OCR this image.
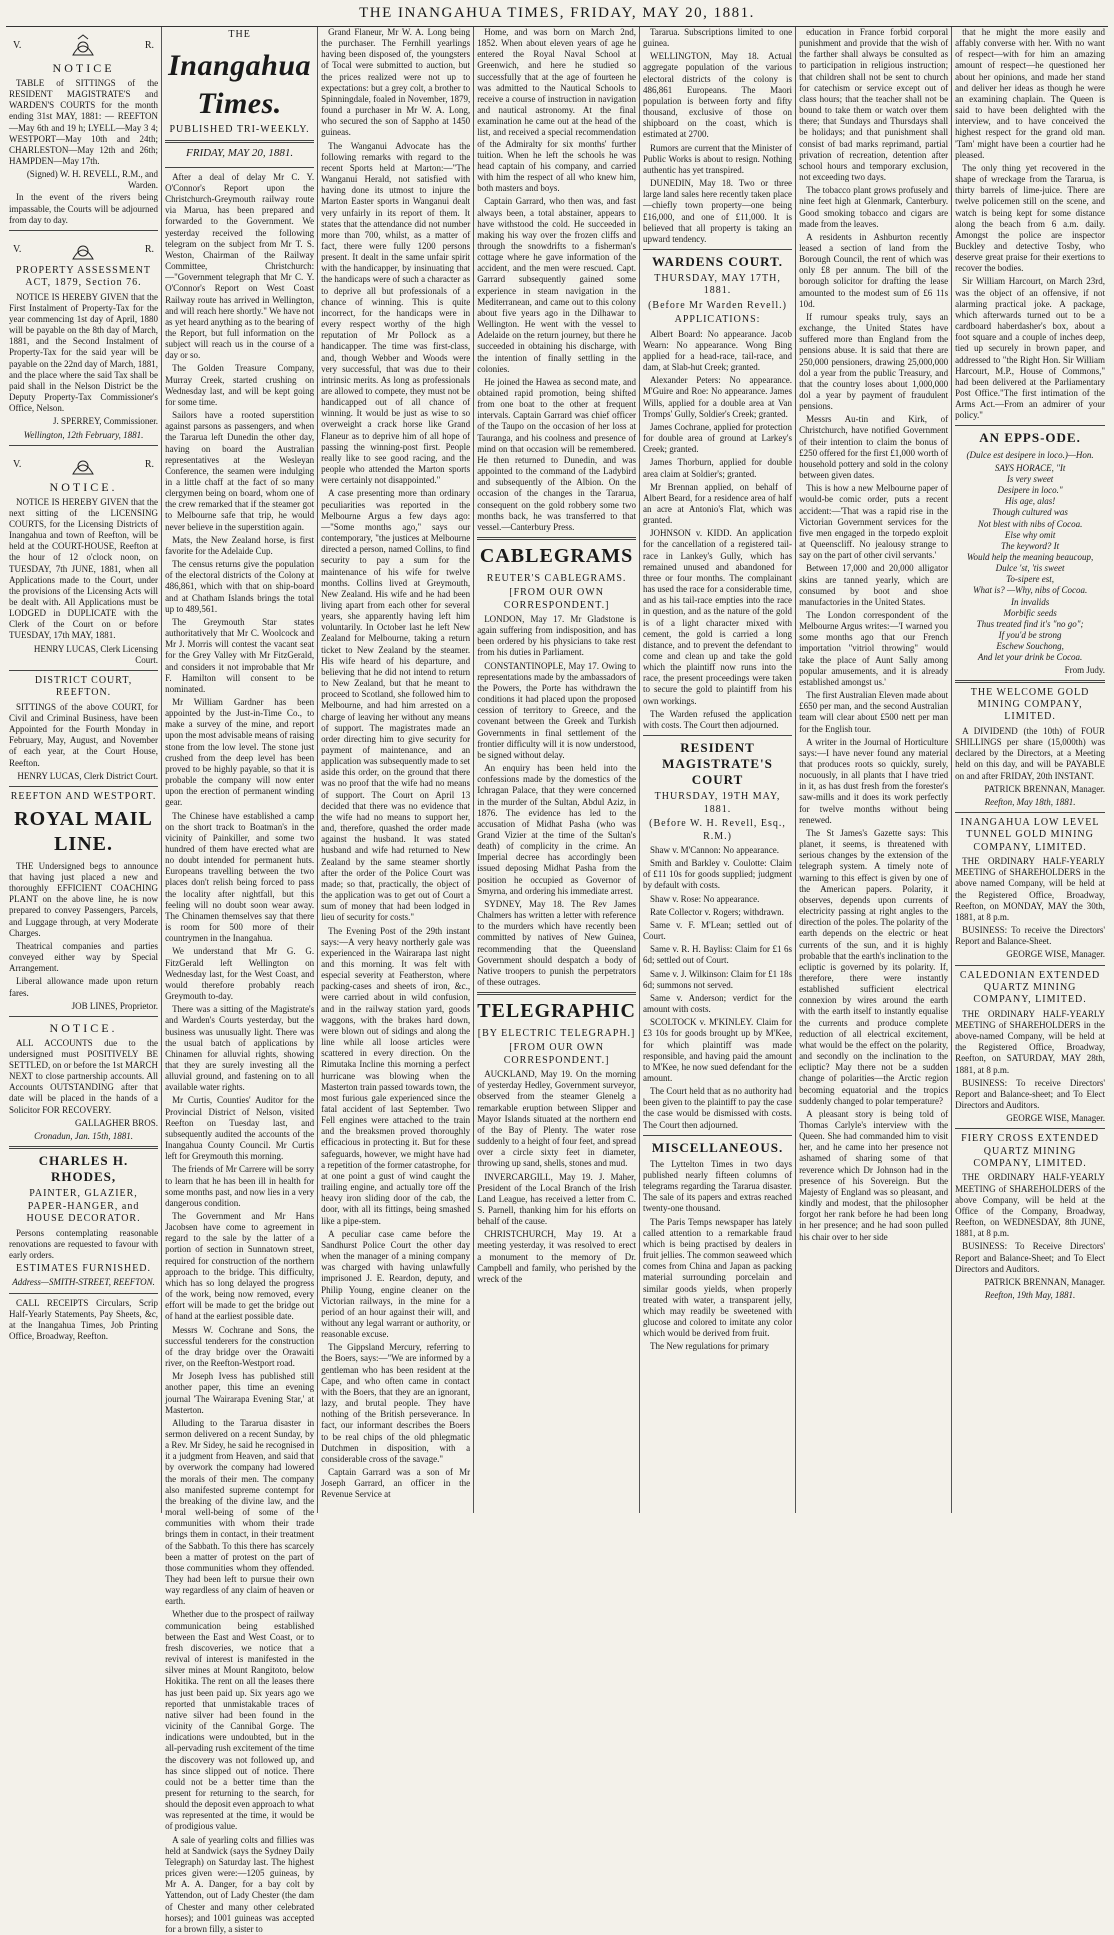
THE INANGAHUA TIMES, FRIDAY, MAY 20, 1881.
V.	R.
NOTICE

TABLE of SITTINGS of the RESIDENT MAGISTRATE'S and WARDEN'S COURTS for the month ending 31st MAY, 1881: — REEFTON—May 6th and 19 h; LYELL—May 3 4; WESTPORT—May 10th and 24th; CHARLESTON—May 12th and 26th; HAMPDEN—May 17th.

(Signed) W. H. REVELL, R.M., and Warden.

In the event of the rivers being impassable, the Courts will be adjourned from day to day.

V.	R.
PROPERTY ASSESSMENT ACT, 1879, Section 76.

NOTICE IS HEREBY GIVEN that the First Instalment of Property-Tax for the year commencing 1st day of April, 1880 will be payable on the 8th day of March, 1881, and the Second Instalment of Property-Tax for the said year will be payable on the 22nd day of March, 1881, and the place where the said Tax shall be paid shall in the Nelson District be the Deputy Property-Tax Commissioner's Office, Nelson.

J. SPERREY, Commissioner.
Wellington, 12th February, 1881.
V.	R.
NOTICE.

NOTICE IS HEREBY GIVEN that the next sitting of the LICENSING COURTS, for the Licensing Districts of Inangahua and town of Reefton, will be held at the COURT-HOUSE, Reefton at the hour of 12 o'clock noon, on TUESDAY, 7th JUNE, 1881, when all Applications made to the Court, under the provisions of the Licensing Acts will be dealt with. All Applications must be LODGED in DUPLICATE with the Clerk of the Court on or before TUESDAY, 17th MAY, 1881.

HENRY LUCAS, Clerk Licensing Court.
DISTRICT COURT, REEFTON.

SITTINGS of the above COURT, for Civil and Criminal Business, have been Appointed for the Fourth Monday in February, May, August, and November of each year, at the Court House, Reefton.

HENRY LUCAS, Clerk District Court.
REEFTON AND WESTPORT.
ROYAL MAIL LINE.

THE Undersigned begs to announce that having just placed a new and thoroughly EFFICIENT COACHING PLANT on the above line, he is now prepared to convey Passengers, Parcels, and Luggage through, at very Moderate Charges.

Theatrical companies and parties conveyed either way by Special Arrangement.

Liberal allowance made upon return fares.

JOB LINES, Proprietor.
NOTICE.

ALL ACCOUNTS due to the undersigned must POSITIVELY BE SETTLED, on or before the 1st MARCH NEXT to close partnership accounts. All Accounts OUTSTANDING after that date will be placed in the hands of a Solicitor FOR RECOVERY.

GALLAGHER BROS.
Cronadun, Jan. 15th, 1881.
CHARLES H. RHODES,
PAINTER, GLAZIER, PAPER-HANGER, and HOUSE DECORATOR.

Persons contemplating reasonable renovations are requested to favour with early orders.

ESTIMATES FURNISHED.
Address—SMITH-STREET, REEFTON.

CALL RECEIPTS Circulars, Scrip Half-Yearly Statements, Pay Sheets, &c, at the Inangahua Times, Job Printing Office, Broadway, Reefton.

THE
Inangahua Times.
PUBLISHED TRI-WEEKLY.
FRIDAY, MAY 20, 1881.

After a deal of delay Mr C. Y. O'Connor's Report upon the Christchurch-Greymouth railway route via Marua, has been prepared and forwarded to the Government. We yesterday received the following telegram on the subject from Mr T. S. Weston, Chairman of the Railway Committee, Christchurch:—"Government telegraph that Mr C. Y. O'Connor's Report on West Coast Railway route has arrived in Wellington, and will reach here shortly." We have not as yet heard anything as to the bearing of the Report, but full information on the subject will reach us in the course of a day or so.

The Golden Treasure Company, Murray Creek, started crushing on Wednesday last, and will be kept going for some time.

Sailors have a rooted superstition against parsons as passengers, and when the Tararua left Dunedin the other day, having on board the Australian representatives at the Wesleyan Conference, the seamen were indulging in a little chaff at the fact of so many clergymen being on board, whom one of the crew remarked that if the steamer got to Melbourne safe that trip, he would never believe in the superstition again.

Mats, the New Zealand horse, is first favorite for the Adelaide Cup.

The census returns give the population of the electoral districts of the Colony at 486,861, which with that on ship-board and at Chatham Islands brings the total up to 489,561.

The Greymouth Star states authoritatively that Mr C. Woolcock and Mr J. Morris will contest the vacant seat for the Grey Valley with Mr FitzGerald, and considers it not improbable that Mr F. Hamilton will consent to be nominated.

Mr William Gardner has been appointed by the Just-in-Time Co., to make a survey of the mine, and report upon the most advisable means of raising stone from the low level. The stone just crushed from the deep level has been proved to be highly payable, so that it is probable the company will now enter upon the erection of permanent winding gear.

The Chinese have established a camp on the short track to Boatman's in the vicinity of Painkiller, and some two hundred of them have erected what are no doubt intended for permanent huts. Europeans travelling between the two places don't relish being forced to pass the locality after nightfall, but this feeling will no doubt soon wear away. The Chinamen themselves say that there is room for 500 more of their countrymen in the Inangahua.

We understand that Mr G. G. FitzGerald left Wellington on Wednesday last, for the West Coast, and would therefore probably reach Greymouth to-day.

There was a sitting of the Magistrate's and Warden's Courts yesterday, but the business was unusually light. There was the usual batch of applications by Chinamen for alluvial rights, showing that they are surely investing all the alluvial ground, and fastening on to all available water rights.

Mr Curtis, Counties' Auditor for the Provincial District of Nelson, visited Reefton on Tuesday last, and subsequently audited the accounts of the Inangahua County Council. Mr Curtis left for Greymouth this morning.

The friends of Mr Carrere will be sorry to learn that he has been ill in health for some months past, and now lies in a very dangerous condition.

The Government and Mr Hans Jacobsen have come to agreement in regard to the sale by the latter of a portion of section in Sunnatown street, required for construction of the northern approach to the bridge. This difficulty, which has so long delayed the progress of the work, being now removed, every effort will be made to get the bridge out of hand at the earliest possible date.

Messrs W. Cochrane and Sons, the successful tenderers for the construction of the dray bridge over the Orawaiti river, on the Reefton-Westport road.

Mr Joseph Ivess has published still another paper, this time an evening journal 'The Wairarapa Evening Star,' at Masterton.

Alluding to the Tararua disaster in sermon delivered on a recent Sunday, by a Rev. Mr Sidey, he said he recognised in it a judgment from Heaven, and said that by overwork the company had lowered the morals of their men. The company also manifested supreme contempt for the breaking of the divine law, and the moral well-being of some of the communities with whom their trade brings them in contact, in their treatment of the Sabbath. To this there has scarcely been a matter of protest on the part of those communities whom they offended. They had been left to pursue their own way regardless of any claim of heaven or earth.

Whether due to the prospect of railway communication being established between the East and West Coast, or to fresh discoveries, we notice that a revival of interest is manifested in the silver mines at Mount Rangitoto, below Hokitika. The rent on all the leases there has just been paid up. Six years ago we reported that unmistakable traces of native silver had been found in the vicinity of the Cannibal Gorge. The indications were undoubted, but in the all-pervading rush excitement of the time the discovery was not followed up, and has since slipped out of notice. There could not be a better time than the present for returning to the search, for should the deposit even approach to what was represented at the time, it would be of prodigious value.

A sale of yearling colts and fillies was held at Sandwick (says the Sydney Daily Telegraph) on Saturday last. The highest prices given were:—1205 guineas, by Mr A. A. Danger, for a bay colt by Yattendon, out of Lady Chester (the dam of Chester and many other celebrated horses); and 1001 guineas was accepted for a brown filly, a sister to

Grand Flaneur, Mr W. A. Long being the purchaser. The Fernhill yearlings having been disposed of, the youngsters of Tocal were submitted to auction, but the prices realized were not up to expectations: but a grey colt, a brother to Spinningdale, foaled in November, 1879, found a purchaser in Mr W. A. Long, who secured the son of Sappho at 1450 guineas.

The Wanganui Advocate has the following remarks with regard to the recent Sports held at Marton:—"The Wanganui Herald, not satisfied with having done its utmost to injure the Marton Easter sports in Wanganui dealt very unfairly in its report of them. It states that the attendance did not number more than 700, whilst, as a matter of fact, there were fully 1200 persons present. It dealt in the same unfair spirit with the handicapper, by insinuating that the handicaps were of such a character as to deprive all but professionals of a chance of winning. This is quite incorrect, for the handicaps were in every respect worthy of the high reputation of Mr Pollock as a handicapper. The time was first-class, and, though Webber and Woods were very successful, that was due to their intrinsic merits. As long as professionals are allowed to compete, they must not be handicapped out of all chance of winning. It would be just as wise to so overweight a crack horse like Grand Flaneur as to deprive him of all hope of passing the winning-post first. People really like to see good racing, and the people who attended the Marton sports were certainly not disappointed."

A case presenting more than ordinary peculiarities was reported in the Melbourne Argus a few days ago:—"Some months ago," says our contemporary, "the justices at Melbourne directed a person, named Collins, to find security to pay a sum for the maintenance of his wife for twelve months. Collins lived at Greymouth, New Zealand. His wife and he had been living apart from each other for several years, she apparently having left him voluntarily. In October last he left New Zealand for Melbourne, taking a return ticket to New Zealand by the steamer. His wife heard of his departure, and believing that he did not intend to return to New Zealand, but that he meant to proceed to Scotland, she followed him to Melbourne, and had him arrested on a charge of leaving her without any means of support. The magistrates made an order directing him to give security for payment of maintenance, and an application was subsequently made to set aside this order, on the ground that there was no proof that the wife had no means of support. The Court on April 13 decided that there was no evidence that the wife had no means to support her, and, therefore, quashed the order made against the husband. It was stated husband and wife had returned to New Zealand by the same steamer shortly after the order of the Police Court was made; so that, practically, the object of the application was to get out of Court a sum of money that had been lodged in lieu of security for costs."

The Evening Post of the 29th instant says:—A very heavy northerly gale was experienced in the Wairarapa last night and this morning. It was felt with especial severity at Featherston, where packing-cases and sheets of iron, &c., were carried about in wild confusion, and in the railway station yard, goods waggons, with the brakes hard down, were blown out of sidings and along the line while all loose articles were scattered in every direction. On the Rimutaka Incline this morning a perfect hurricane was blowing when the Masterton train passed towards town, the most furious gale experienced since the fatal accident of last September. Two Fell engines were attached to the train and the breaksmen proved thoroughly efficacious in protecting it. But for these safeguards, however, we might have had a repetition of the former catastrophe, for at one point a gust of wind caught the trailing engine, and actually tore off the heavy iron sliding door of the cab, the door, with all its fittings, being smashed like a pipe-stem.

A peculiar case came before the Sandhurst Police Court the other day when the manager of a mining company was charged with having unlawfully imprisoned J. E. Reardon, deputy, and Philip Young, engine cleaner on the Victorian railways, in the mine for a period of an hour against their will, and without any legal warrant or authority, or reasonable excuse.

The Gippsland Mercury, referring to the Boers, says:—"We are informed by a gentleman who has been resident at the Cape, and who often came in contact with the Boers, that they are an ignorant, lazy, and brutal people. They have nothing of the British perseverance. In fact, our informant describes the Boers to be real chips of the old phlegmatic Dutchmen in disposition, with a considerable cross of the savage."

Captain Garrard was a son of Mr Joseph Garrard, an officer in the Revenue Service at

Home, and was born on March 2nd, 1852. When about eleven years of age he entered the Royal Naval School at Greenwich, and here he studied so successfully that at the age of fourteen he was admitted to the Nautical Schools to receive a course of instruction in navigation and nautical astronomy. At the final examination he came out at the head of the list, and received a special recommendation of the Admiralty for six months' further tuition. When he left the schools he was head captain of his company, and carried with him the respect of all who knew him, both masters and boys.

Captain Garrard, who then was, and fast always been, a total abstainer, appears to have withstood the cold. He succeeded in making his way over the frozen cliffs and through the snowdrifts to a fisherman's cottage where he gave information of the accident, and the men were rescued. Capt. Garrard subsequently gained some experience in steam navigation in the Mediterranean, and came out to this colony about five years ago in the Dilhawar to Wellington. He went with the vessel to Adelaide on the return journey, but there he succeeded in obtaining his discharge, with the intention of finally settling in the colonies.

He joined the Hawea as second mate, and obtained rapid promotion, being shifted from one boat to the other at frequent intervals. Captain Garrard was chief officer of the Taupo on the occasion of her loss at Tauranga, and his coolness and presence of mind on that occasion will be remembered. He then returned to Dunedin, and was appointed to the command of the Ladybird and subsequently of the Albion. On the occasion of the changes in the Tararua, consequent on the gold robbery some two months back, he was transferred to that vessel.—Canterbury Press.

CABLEGRAMS
REUTER'S CABLEGRAMS.
[FROM OUR OWN CORRESPONDENT.]

LONDON, May 17. Mr Gladstone is again suffering from indisposition, and has been ordered by his physicians to take rest from his duties in Parliament.

CONSTANTINOPLE, May 17. Owing to representations made by the ambassadors of the Powers, the Porte has withdrawn the conditions it had placed upon the proposed cession of territory to Greece, and the covenant between the Greek and Turkish Governments in final settlement of the frontier difficulty will it is now understood, be signed without delay.

An enquiry has been held into the confessions made by the domestics of the Ichragan Palace, that they were concerned in the murder of the Sultan, Abdul Aziz, in 1876. The evidence has led to the accusation of Midhat Pasha (who was Grand Vizier at the time of the Sultan's death) of complicity in the crime. An Imperial decree has accordingly been issued deposing Midhat Pasha from the position he occupied as Governor of Smyrna, and ordering his immediate arrest.

SYDNEY, May 18. The Rev James Chalmers has written a letter with reference to the murders which have recently been committed by natives of New Guinea, recommending that the Queensland Government should despatch a body of Native troopers to punish the perpetrators of these outrages.

TELEGRAPHIC
[BY ELECTRIC TELEGRAPH.]
[FROM OUR OWN CORRESPONDENT.]

AUCKLAND, May 19. On the morning of yesterday Hedley, Government surveyor, observed from the steamer Glenelg a remarkable eruption between Slipper and Mayor Islands situated at the northern end of the Bay of Plenty. The water rose suddenly to a height of four feet, and spread over a circle sixty feet in diameter, throwing up sand, shells, stones and mud.

INVERCARGILL, May 19. J. Maher, President of the Local Branch of the Irish Land League, has received a letter from C. S. Parnell, thanking him for his efforts on behalf of the cause.

CHRISTCHURCH, May 19. At a meeting yesterday, it was resolved to erect a monument to the memory of Dr. Campbell and family, who perished by the wreck of the

Tararua. Subscriptions limited to one guinea.

WELLINGTON, May 18. Actual aggregate population of the various electoral districts of the colony is 486,861 Europeans. The Maori population is between forty and fifty thousand, exclusive of those on shipboard on the coast, which is estimated at 2700.

Rumors are current that the Minister of Public Works is about to resign. Nothing authentic has yet transpired.

DUNEDIN, May 18. Two or three large land sales here recently taken place—chiefly town property—one being £16,000, and one of £11,000. It is believed that all property is taking an upward tendency.

WARDENS COURT.
THURSDAY, MAY 17TH, 1881.
(Before Mr Warden Revell.)
APPLICATIONS:

Albert Board: No appearance. Jacob Wearn: No appearance. Wong Bing applied for a head-race, tail-race, and dam, at Slab-hut Creek; granted.

Alexander Peters: No appearance. M'Guire and Roe: No appearance. James Wills, applied for a double area at Van Tromps' Gully, Soldier's Creek; granted.

James Cochrane, applied for protection for double area of ground at Larkey's Creek; granted.

James Thorburn, applied for double area claim at Soldier's; granted.

Mr Brennan applied, on behalf of Albert Beard, for a residence area of half an acre at Antonio's Flat, which was granted.

JOHNSON v. KIDD. An application for the cancellation of a registered tail-race in Lankey's Gully, which has remained unused and abandoned for three or four months. The complainant has used the race for a considerable time, and as his tail-race empties into the race in question, and as the nature of the gold is of a light character mixed with cement, the gold is carried a long distance, and to prevent the defendant to come and clean up and take the gold which the plaintiff now runs into the race, the present proceedings were taken to secure the gold to plaintiff from his own workings.

The Warden refused the application with costs. The Court then adjourned.

RESIDENT MAGISTRATE'S COURT
THURSDAY, 19TH MAY, 1881.
(Before W. H. Revell, Esq., R.M.)

Shaw v. M'Cannon: No appearance.

Smith and Barkley v. Coulotte: Claim of £11 10s for goods supplied; judgment by default with costs.

Shaw v. Rose: No appearance.

Rate Collector v. Rogers; withdrawn.

Same v. F. M'Lean; settled out of Court.

Same v. R. H. Bayliss: Claim for £1 6s 6d; settled out of Court.

Same v. J. Wilkinson: Claim for £1 18s 6d; summons not served.

Same v. Anderson; verdict for the amount with costs.

SCOLTOCK v. M'KINLEY. Claim for £3 10s for goods brought up by M'Kee, for which plaintiff was made responsible, and having paid the amount to M'Kee, he now sued defendant for the amount.

The Court held that as no authority had been given to the plaintiff to pay the case the case would be dismissed with costs. The Court then adjourned.

MISCELLANEOUS.

The Lyttelton Times in two days published nearly fifteen columns of telegrams regarding the Tararua disaster. The sale of its papers and extras reached twenty-one thousand.

The Paris Temps newspaper has lately called attention to a remarkable fraud which is being practised by dealers in fruit jellies. The common seaweed which comes from China and Japan as packing material surrounding porcelain and similar goods yields, when properly treated with water, a transparent jelly, which may readily be sweetened with glucose and colored to imitate any color which would be derived from fruit.

The New regulations for primary

education in France forbid corporal punishment and provide that the wish of the farther shall always be consulted as to participation in religious instruction; that children shall not be sent to church for catechism or service except out of class hours; that the teacher shall not be bound to take them or watch over them there; that Sundays and Thursdays shall be holidays; and that punishment shall consist of bad marks reprimand, partial privation of recreation, detention after school hours and temporary exclusion, not exceeding two days.

The tobacco plant grows profusely and nine feet high at Glenmark, Canterbury. Good smoking tobacco and cigars are made from the leaves.

A residents in Ashburton recently leased a section of land from the Borough Council, the rent of which was only £8 per annum. The bill of the borough solicitor for drafting the lease amounted to the modest sum of £6 11s 10d.

If rumour speaks truly, says an exchange, the United States have suffered more than England from the pensions abuse. It is said that there are 250,000 pensioners, drawing 25,000,000 dol a year from the public Treasury, and that the country loses about 1,000,000 dol a year by payment of fraudulent pensions.

Messrs Au-tin and Kirk, of Christchurch, have notified Government of their intention to claim the bonus of £250 offered for the first £1,000 worth of household pottery and sold in the colony between given dates.

This is how a new Melbourne paper of would-be comic order, puts a recent accident:—'That was a rapid rise in the Victorian Government services for the five men engaged in the torpedo exploit at Queenscliff. No jealousy strange to say on the part of other civil servants.'

Between 17,000 and 20,000 alligator skins are tanned yearly, which are consumed by boot and shoe manufactories in the United States.

The London correspondent of the Melbourne Argus writes:—'I warned you some months ago that our French importation "vitriol throwing" would take the place of Aunt Sally among popular amusements, and it is already established amongst us.'

The first Australian Eleven made about £650 per man, and the second Australian team will clear about £500 nett per man for the English tour.

A writer in the Journal of Horticulture says:—I have never found any material that produces roots so quickly, surely, nocuously, in all plants that I have tried in it, as has dust fresh from the forester's saw-mills and it does its work perfectly for twelve months without being renewed.

The St James's Gazette says: This planet, it seems, is threatened with serious changes by the extension of the telegraph system. A timely note of warning to this effect is given by one of the American papers. Polarity, it observes, depends upon currents of electricity passing at right angles to the direction of the poles. The polarity of the earth depends on the electric or heat currents of the sun, and it is highly probable that the earth's inclination to the ecliptic is governed by its polarity. If, therefore, there were instantly established sufficient electrical connexion by wires around the earth with the earth itself to instantly equalise the currents and produce complete reduction of all electrical excitement, what would be the effect on the polarity, and secondly on the inclination to the ecliptic? May there not be a sudden change of polarities—the Arctic region becoming equatorial and the tropics suddenly changed to polar temperature?

A pleasant story is being told of Thomas Carlyle's interview with the Queen. She had commanded him to visit her, and he came into her presence not ashamed of sharing some of that reverence which Dr Johnson had in the presence of his Sovereign. But the Majesty of England was so pleasant, and kindly and modest, that the philosopher forgot her rank before he had been long in her presence; and he had soon pulled his chair over to her side

that he might the more easily and affably converse with her. With no want of respect—with for him an amazing amount of respect—he questioned her about her opinions, and made her stand and deliver her ideas as though he were an examining chaplain. The Queen is said to have been delighted with the interview, and to have conceived the highest respect for the grand old man. 'Tam' might have been a courtier had he pleased.

The only thing yet recovered in the shape of wreckage from the Tararua, is thirty barrels of lime-juice. There are twelve policemen still on the scene, and watch is being kept for some distance along the beach from 6 a.m. daily. Amongst the police are inspector Buckley and detective Tosby, who deserve great praise for their exertions to recover the bodies.

Sir William Harcourt, on March 23rd, was the object of an offensive, if not alarming practical joke. A package, which afterwards turned out to be a cardboard haberdasher's box, about a foot square and a couple of inches deep, tied up securely in brown paper, and addressed to "the Right Hon. Sir William Harcourt, M.P., House of Commons," had been delivered at the Parliamentary Post Office."The first intimation of the Arms Act.—From an admirer of your policy."

AN EPPS-ODE.
(Dulce est desipere in loco.)—Hon.
SAYS HORACE, "It
Is very sweet
Desipere in loco."
His age, alas!
Though cultured was
Not blest with nibs of Cocoa.
Else why omit
The keyword? It
Would help the meaning beaucoup,
Dulce 'st, 'tis sweet
To-sipere est,
What is? —Why, nibs of Cocoa.
In invalids
Morbific seeds
Thus treated find it's "no go";
If you'd be strong
Eschew Souchong,
And let your drink be Cocoa.
From Judy.
THE WELCOME GOLD MINING COMPANY, LIMITED.

A DIVIDEND (the 10th) of FOUR SHILLINGS per share (15,000th) was declared by the Directors, at a Meeting held on this day, and will be PAYABLE on and after FRIDAY, 20th INSTANT.

PATRICK BRENNAN, Manager.
Reefton, May 18th, 1881.
INANGAHUA LOW LEVEL TUNNEL GOLD MINING COMPANY, LIMITED.

THE ORDINARY HALF-YEARLY MEETING of SHAREHOLDERS in the above named Company, will be held at the Registered Office, Broadway, Reefton, on MONDAY, MAY the 30th, 1881, at 8 p.m.

BUSINESS: To receive the Directors' Report and Balance-Sheet.

GEORGE WISE, Manager.
CALEDONIAN EXTENDED QUARTZ MINING COMPANY, LIMITED.

THE ORDINARY HALF-YEARLY MEETING of SHAREHOLDERS in the above-named Company, will be held at the Registered Office, Broadway, Reefton, on SATURDAY, MAY 28th, 1881, at 8 p.m.

BUSINESS: To receive Directors' Report and Balance-sheet; and To Elect Directors and Auditors.

GEORGE WISE, Manager.
FIERY CROSS EXTENDED QUARTZ MINING COMPANY, LIMITED.

THE ORDINARY HALF-YEARLY MEETING of SHAREHOLDERS of the above Company, will be held at the Office of the Company, Broadway, Reefton, on WEDNESDAY, 8th JUNE, 1881, at 8 p.m.

BUSINESS: To Receive Directors' Report and Balance-Sheet; and To Elect Directors and Auditors.

PATRICK BRENNAN, Manager.
Reefton, 19th May, 1881.
